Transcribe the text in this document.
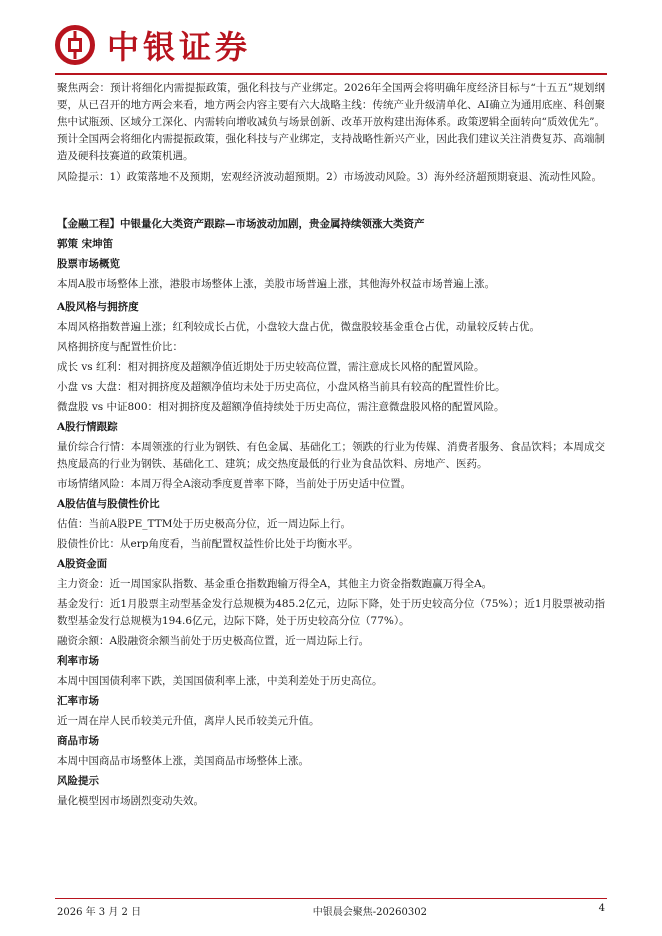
中银证券

聚焦两会：预计将细化内需提振政策，强化科技与产业绑定。2026年全国两会将明确年度经济目标与“十五五”规划纲要，从已召开的地方两会来看，地方两会内容主要有六大战略主线：传统产业升级清单化、AI确立为通用底座、科创聚焦中试瓶颈、区域分工深化、内需转向增收减负与场景创新、改革开放构建出海体系。政策逻辑全面转向“质效优先”。预计全国两会将细化内需提振政策，强化科技与产业绑定，支持战略性新兴产业，因此我们建议关注消费复苏、高端制造及硬科技赛道的政策机遇。

风险提示：1）政策落地不及预期，宏观经济波动超预期。2）市场波动风险。3）海外经济超预期衰退、流动性风险。

【金融工程】中银量化大类资产跟踪—市场波动加剧，贵金属持续领涨大类资产

郭策 宋坤笛

股票市场概览

本周A股市场整体上涨，港股市场整体上涨，美股市场普遍上涨，其他海外权益市场普遍上涨。

A股风格与拥挤度

本周风格指数普遍上涨；红利较成长占优，小盘较大盘占优，微盘股较基金重仓占优，动量较反转占优。

风格拥挤度与配置性价比：

成长 vs 红利：相对拥挤度及超额净值近期处于历史较高位置，需注意成长风格的配置风险。

小盘 vs 大盘：相对拥挤度及超额净值均未处于历史高位，小盘风格当前具有较高的配置性价比。

微盘股 vs 中证800：相对拥挤度及超额净值持续处于历史高位，需注意微盘股风格的配置风险。

A股行情跟踪

量价综合行情：本周领涨的行业为钢铁、有色金属、基础化工；领跌的行业为传媒、消费者服务、食品饮料；本周成交热度最高的行业为钢铁、基础化工、建筑；成交热度最低的行业为食品饮料、房地产、医药。

市场情绪风险：本周万得全A滚动季度夏普率下降，当前处于历史适中位置。

A股估值与股债性价比

估值：当前A股PE_TTM处于历史极高分位，近一周边际上行。

股债性价比：从erp角度看，当前配置权益性价比处于均衡水平。

A股资金面

主力资金：近一周国家队指数、基金重仓指数跑输万得全A，其他主力资金指数跑赢万得全A。

基金发行：近1月股票主动型基金发行总规模为485.2亿元，边际下降，处于历史较高分位（75%）；近1月股票被动指数型基金发行总规模为194.6亿元，边际下降，处于历史较高分位（77%）。

融资余额：A股融资余额当前处于历史极高位置，近一周边际上行。

利率市场

本周中国国债利率下跌，美国国债利率上涨，中美利差处于历史高位。

汇率市场

近一周在岸人民币较美元升值，离岸人民币较美元升值。

商品市场

本周中国商品市场整体上涨，美国商品市场整体上涨。

风险提示

量化模型因市场剧烈变动失效。

2026 年 3 月 2 日	中银晨会聚焦-20260302	4
